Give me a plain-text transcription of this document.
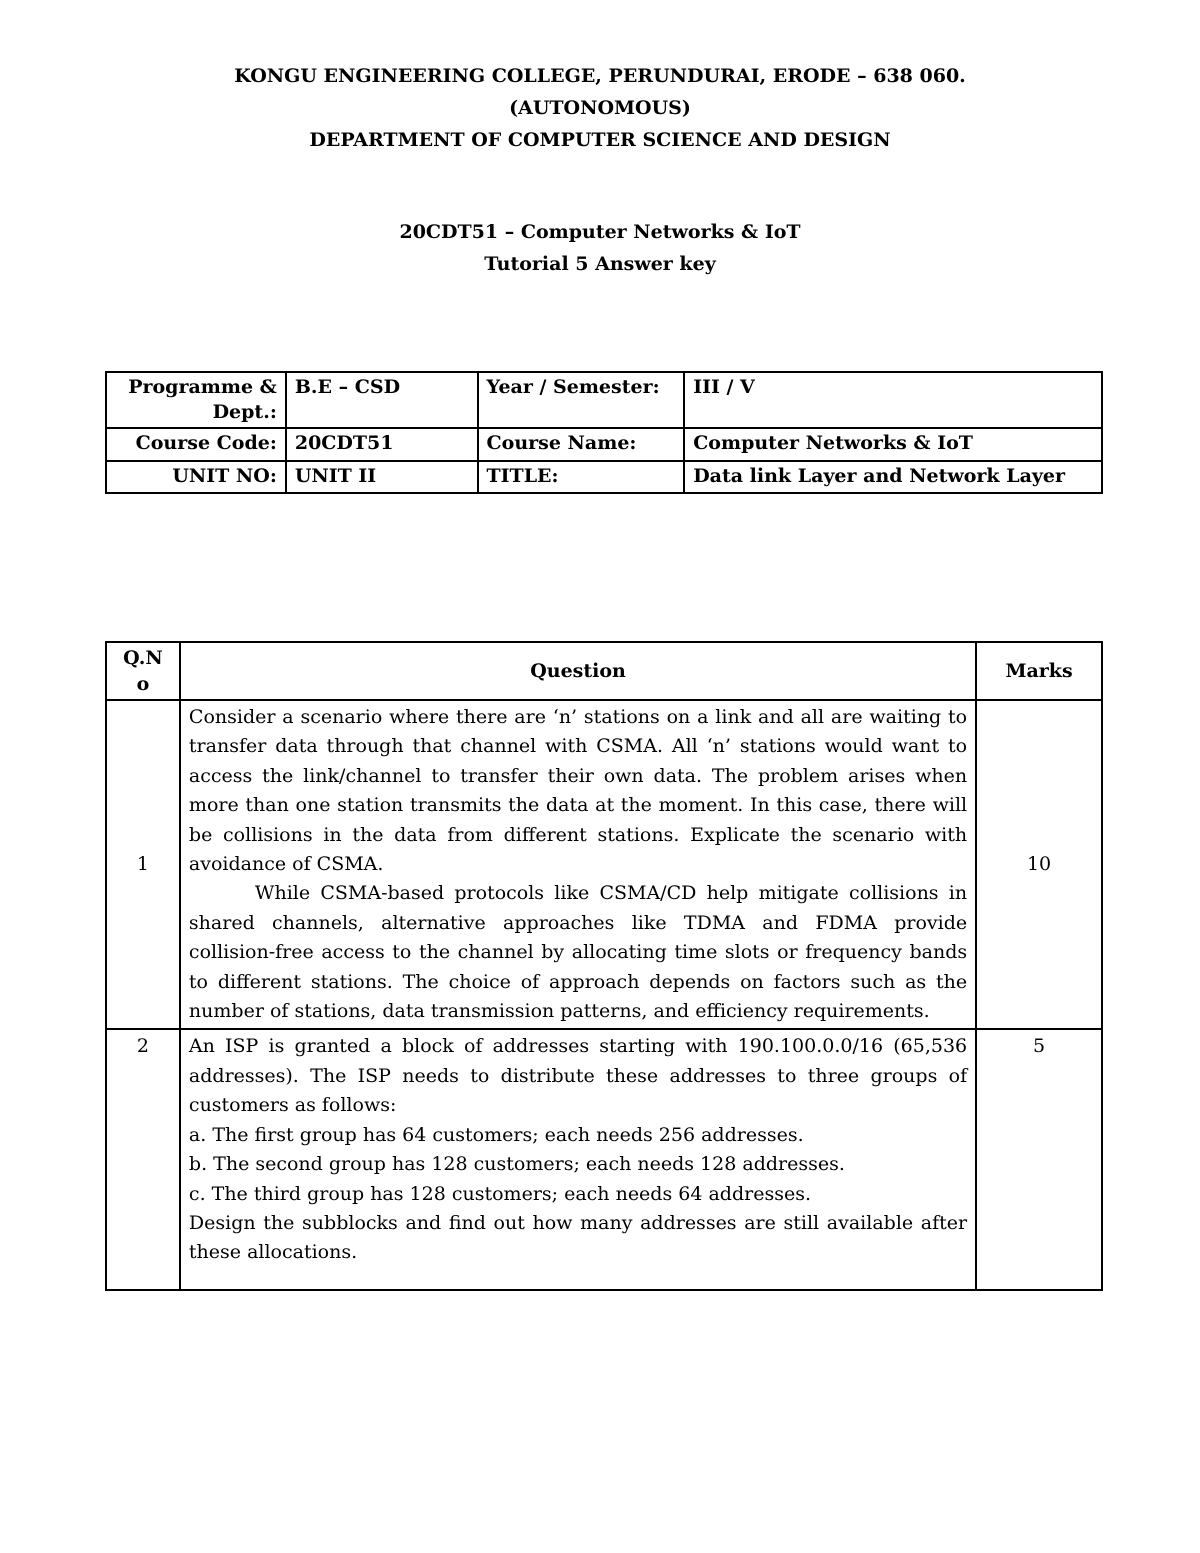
KONGU ENGINEERING COLLEGE, PERUNDURAI, ERODE – 638 060.
(AUTONOMOUS)
DEPARTMENT OF COMPUTER SCIENCE AND DESIGN
20CDT51 – Computer Networks & IoT
Tutorial 5 Answer key
Programme & Dept.:	B.E – CSD	Year / Semester:	III / V
Course Code:	20CDT51	Course Name:	Computer Networks & IoT
UNIT NO:	UNIT II	TITLE:	Data link Layer and Network Layer
Q.No	Question	Marks
1	Consider a scenario where there are ‘n’ stations on a link and all are waiting to transfer data through that channel with CSMA. All ‘n’ stations would want to access the link/channel to transfer their own data. The problem arises when more than one station transmits the data at the moment. In this case, there will be collisions in the data from different stations. Explicate the scenario with avoidance of CSMA.

While CSMA-based protocols like CSMA/CD help mitigate collisions in shared channels, alternative approaches like TDMA and FDMA provide collision-free access to the channel by allocating time slots or frequency bands to different stations. The choice of approach depends on factors such as the number of stations, data transmission patterns, and efficiency requirements.	10
2	An ISP is granted a block of addresses starting with 190.100.0.0/16 (65,536 addresses). The ISP needs to distribute these addresses to three groups of customers as follows:

a. The first group has 64 customers; each needs 256 addresses.

b. The second group has 128 customers; each needs 128 addresses.

c. The third group has 128 customers; each needs 64 addresses.

Design the subblocks and find out how many addresses are still available after these allocations.	5
